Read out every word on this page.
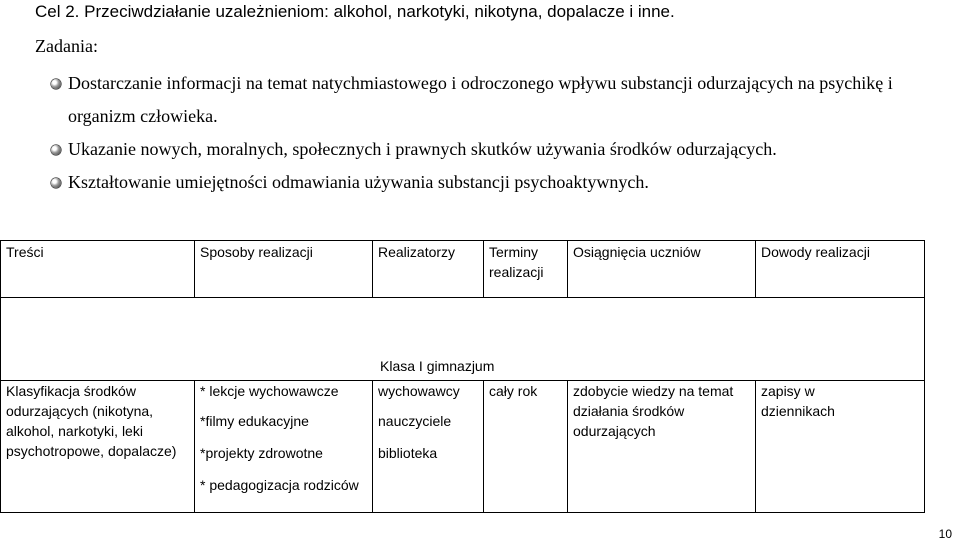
Cel 2. Przeciwdziałanie uzależnieniom: alkohol, narkotyki, nikotyna, dopalacze i inne.
Zadania:
Dostarczanie informacji na temat natychmiastowego i odroczonego wpływu substancji odurzających na psychikę i
organizm człowieka.
Ukazanie nowych, moralnych, społecznych i prawnych skutków używania środków odurzających.
Kształtowanie umiejętności odmawiania używania substancji psychoaktywnych.
Treści	Sposoby realizacji	Realizatorzy	Terminy
realizacji	Osiągnięcia uczniów	Dowody realizacji

Klasa I gimnazjum					

Klasyfikacja środków
odurzających (nikotyna,
alkohol, narkotyki, leki
psychotropowe, dopalacze)	* lekcje wychowawcze
*filmy edukacyjne
*projekty zdrowotne
* pedagogizacja rodziców	wychowawcy
nauczyciele
biblioteka	cały rok	zdobycie wiedzy na temat
działania środków
odurzających	zapisy w
dziennikach
10
